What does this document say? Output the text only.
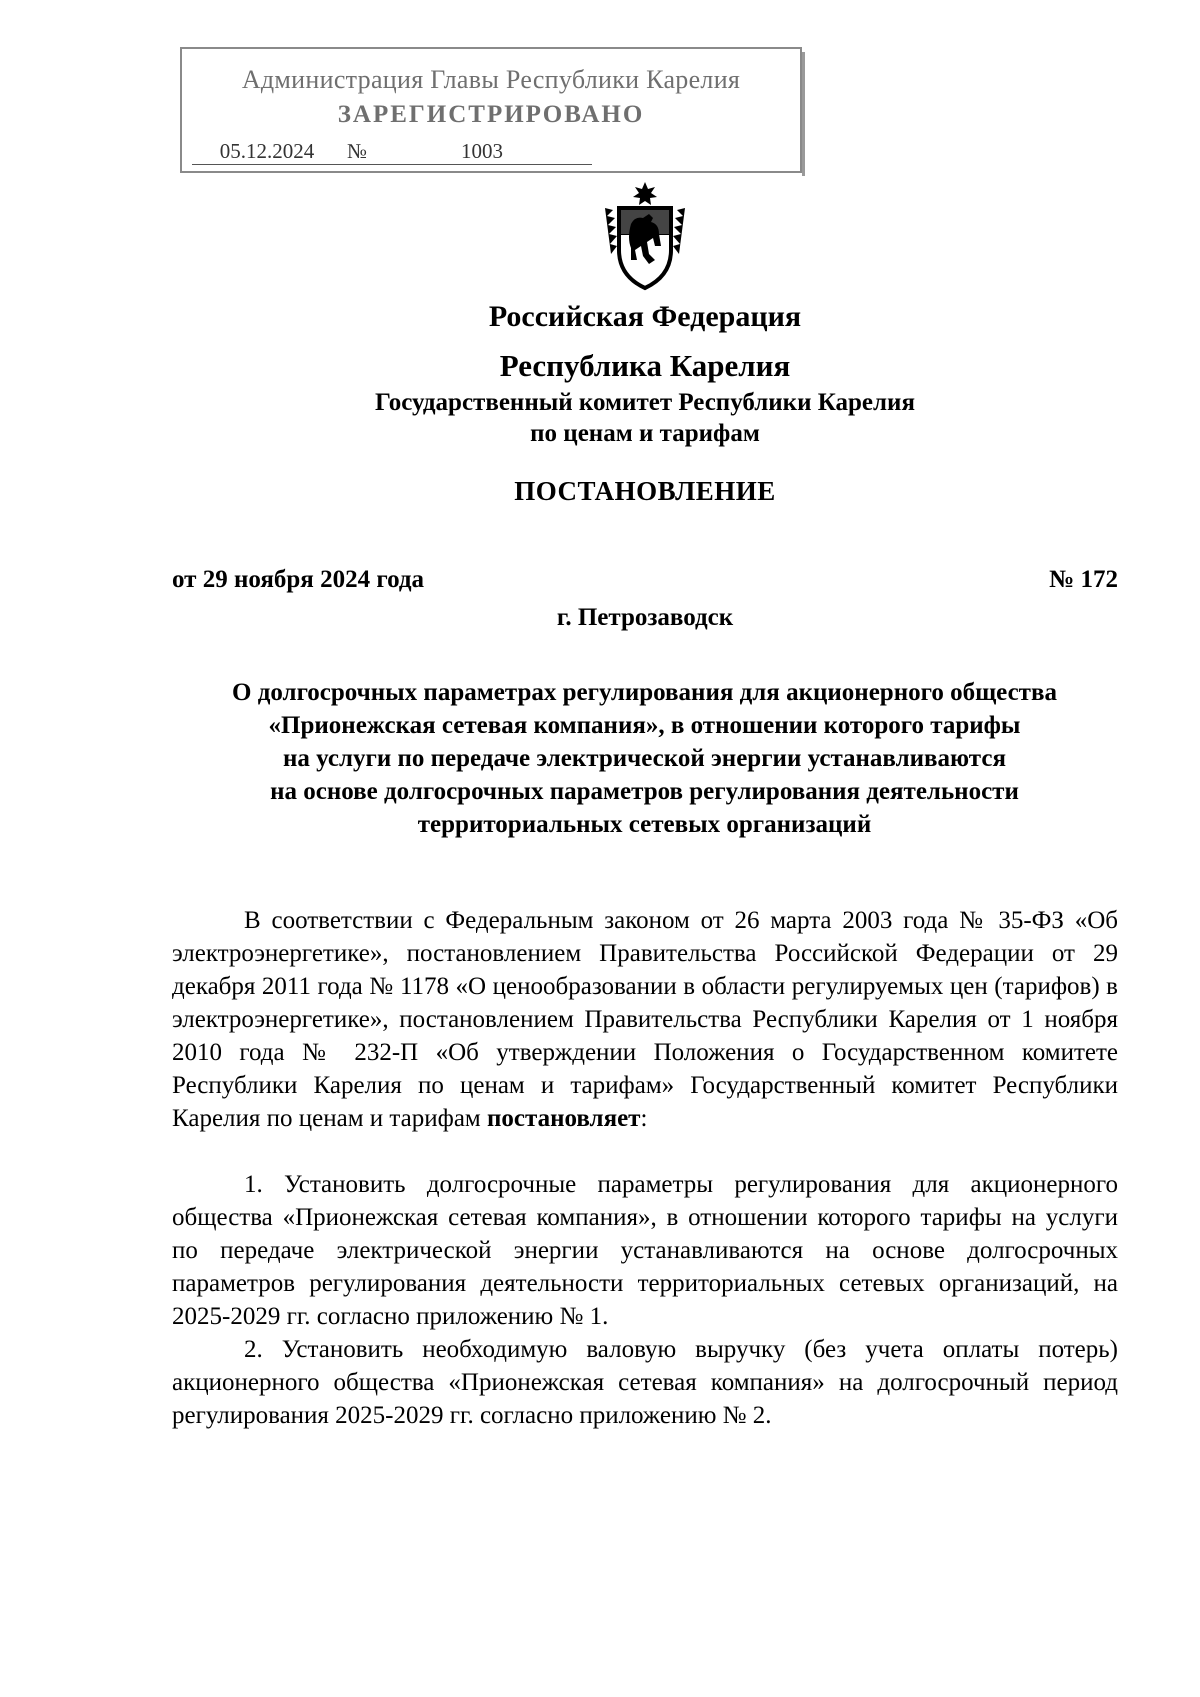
Администрация Главы Республики Карелия
ЗАРЕГИСТРИРОВАНО
05.12.2024 №	1003
Российская Федерация
Республика Карелия
Государственный комитет Республики Карелия
по ценам и тарифам
ПОСТАНОВЛЕНИЕ
от 29 ноября 2024 года	№ 172
г. Петрозаводск
О долгосрочных параметрах регулирования для акционерного общества
«Прионежская сетевая компания», в отношении которого тарифы
на услуги по передаче электрической энергии устанавливаются
на основе долгосрочных параметров регулирования деятельности
территориальных сетевых организаций

В соответствии с Федеральным законом от 26 марта 2003 года № 35-ФЗ «Об электроэнергетике», постановлением Правительства Российской Федерации от 29 декабря 2011 года № 1178 «О ценообразовании в области регулируемых цен (тарифов) в электроэнергетике», постановлением Правительства Республики Карелия от 1 ноября 2010 года № 232-П «Об утверждении Положения о Государственном комитете Республики Карелия по ценам и тарифам» Государственный комитет Республики Карелия по ценам и тарифам постановляет:

1. Установить долгосрочные параметры регулирования для акционерного общества «Прионежская сетевая компания», в отношении которого тарифы на услуги по передаче электрической энергии устанавливаются на основе долгосрочных параметров регулирования деятельности территориальных сетевых организаций, на 2025-2029 гг. согласно приложению № 1.

2. Установить необходимую валовую выручку (без учета оплаты потерь) акционерного общества «Прионежская сетевая компания» на долгосрочный период регулирования 2025-2029 гг. согласно приложению № 2.
